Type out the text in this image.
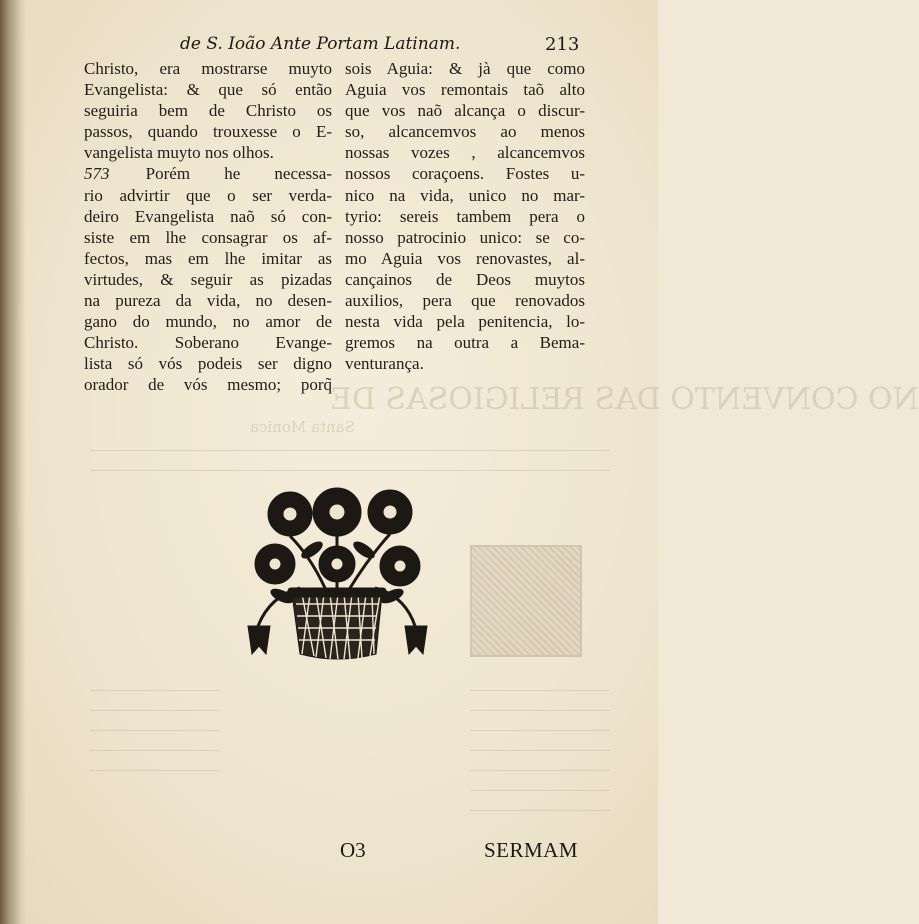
NO CONVENTO DAS RELIGIOSAS DE
Santa Monica
de S. Ioão Ante Portam Latinam.	213
Christo, era mostrarse muyto
Evangelista: & que só então
seguiria bem de Christo os
passos, quando trouxesse o E-
vangelista muyto nos olhos.
573 Porém he necessa-
rio advirtir que o ser verda-
deiro Evangelista naõ só con-
siste em lhe consagrar os af-
fectos, mas em lhe imitar as
virtudes, & seguir as pizadas
na pureza da vida, no desen-
gano do mundo, no amor de
Christo. Soberano Evange-
lista só vós podeis ser digno
orador de vós mesmo; porq̃
sois Aguia: & jà que como
Aguia vos remontais taõ alto
que vos naõ alcança o discur-
so, alcancemvos ao menos
nossas vozes , alcancemvos
nossos coraçoens. Fostes u-
nico na vida, unico no mar-
tyrio: sereis tambem pera o
nosso patrocinio unico: se co-
mo Aguia vos renovastes, al-
cançainos de Deos muytos
auxilios, pera que renovados
nesta vida pela penitencia, lo-
gremos na outra a Bema-
venturança.
O3	SERMAM
